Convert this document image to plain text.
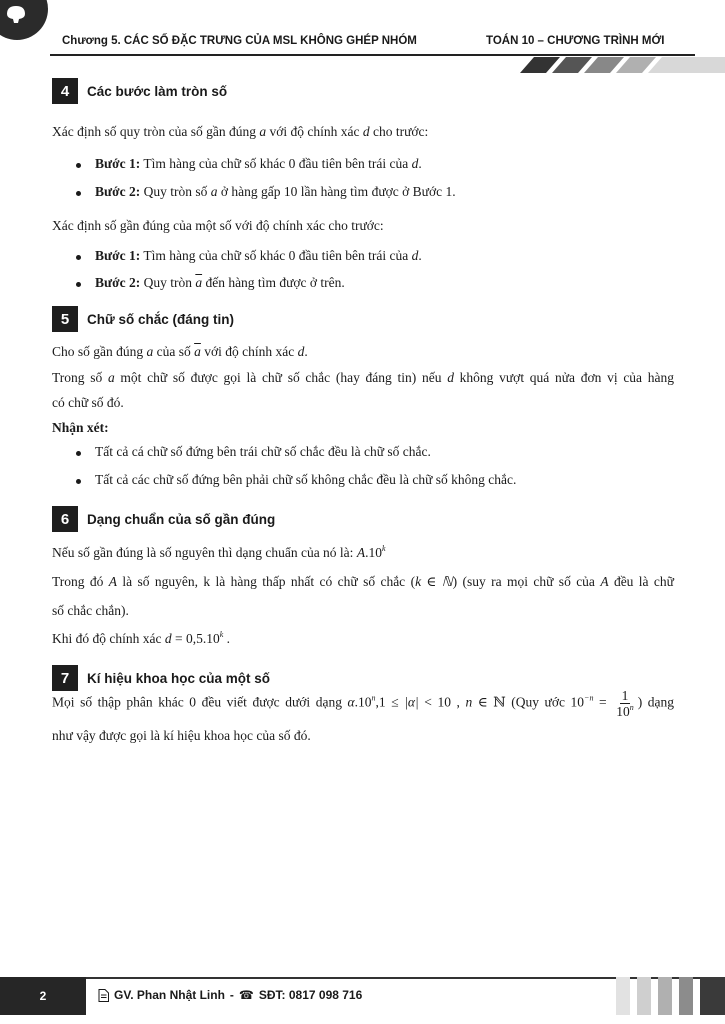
Chương 5. CÁC SỐ ĐẶC TRƯNG CỦA MSL KHÔNG GHÉP NHÓM	TOÁN 10 – CHƯƠNG TRÌNH MỚI
4	Các bước làm tròn số
Xác định số quy tròn của số gần đúng a với độ chính xác d cho trước:
Bước 1: Tìm hàng của chữ số khác 0 đầu tiên bên trái của d.
Bước 2: Quy tròn số a ở hàng gấp 10 lần hàng tìm được ở Bước 1.
Xác định số gần đúng của một số với độ chính xác cho trước:
Bước 1: Tìm hàng của chữ số khác 0 đầu tiên bên trái của d.
Bước 2: Quy tròn $\overline{a}$ đến hàng tìm được ở trên.
5	Chữ số chắc (đáng tin)
Cho số gần đúng a của số $\overline{a}$ với độ chính xác d.
Trong số a một chữ số được gọi là chữ số chắc (hay đáng tin) nếu d không vượt quá nửa đơn vị của hàng
có chữ số đó.
Nhận xét:
Tất cả cá chữ số đứng bên trái chữ số chắc đều là chữ số chắc.
Tất cả các chữ số đứng bên phải chữ số không chắc đều là chữ số không chắc.
6	Dạng chuẩn của số gần đúng
Nếu số gần đúng là số nguyên thì dạng chuẩn của nó là: A.10$^k$
Trong đó A là số nguyên, k là hàng thấp nhất có chữ số chắc (k ∈ ℕ) (suy ra mọi chữ số của A đều là chữ
số chắc chắn).
Khi đó độ chính xác $d = 0,5.10^k$ .
7	Kí hiệu khoa học của một số
Mọi số thập phân khác 0 đều viết được dưới dạng $\alpha.10^n,1 \le |\alpha| < 10$ , n ∈ ℕ (Quy ước $10^{-n} = \frac{1}{10^n}$ ) dạng
như vậy được gọi là kí hiệu khoa học của số đó.
2	GV. Phan Nhật Linh - ☎ SĐT: 0817 098 716
